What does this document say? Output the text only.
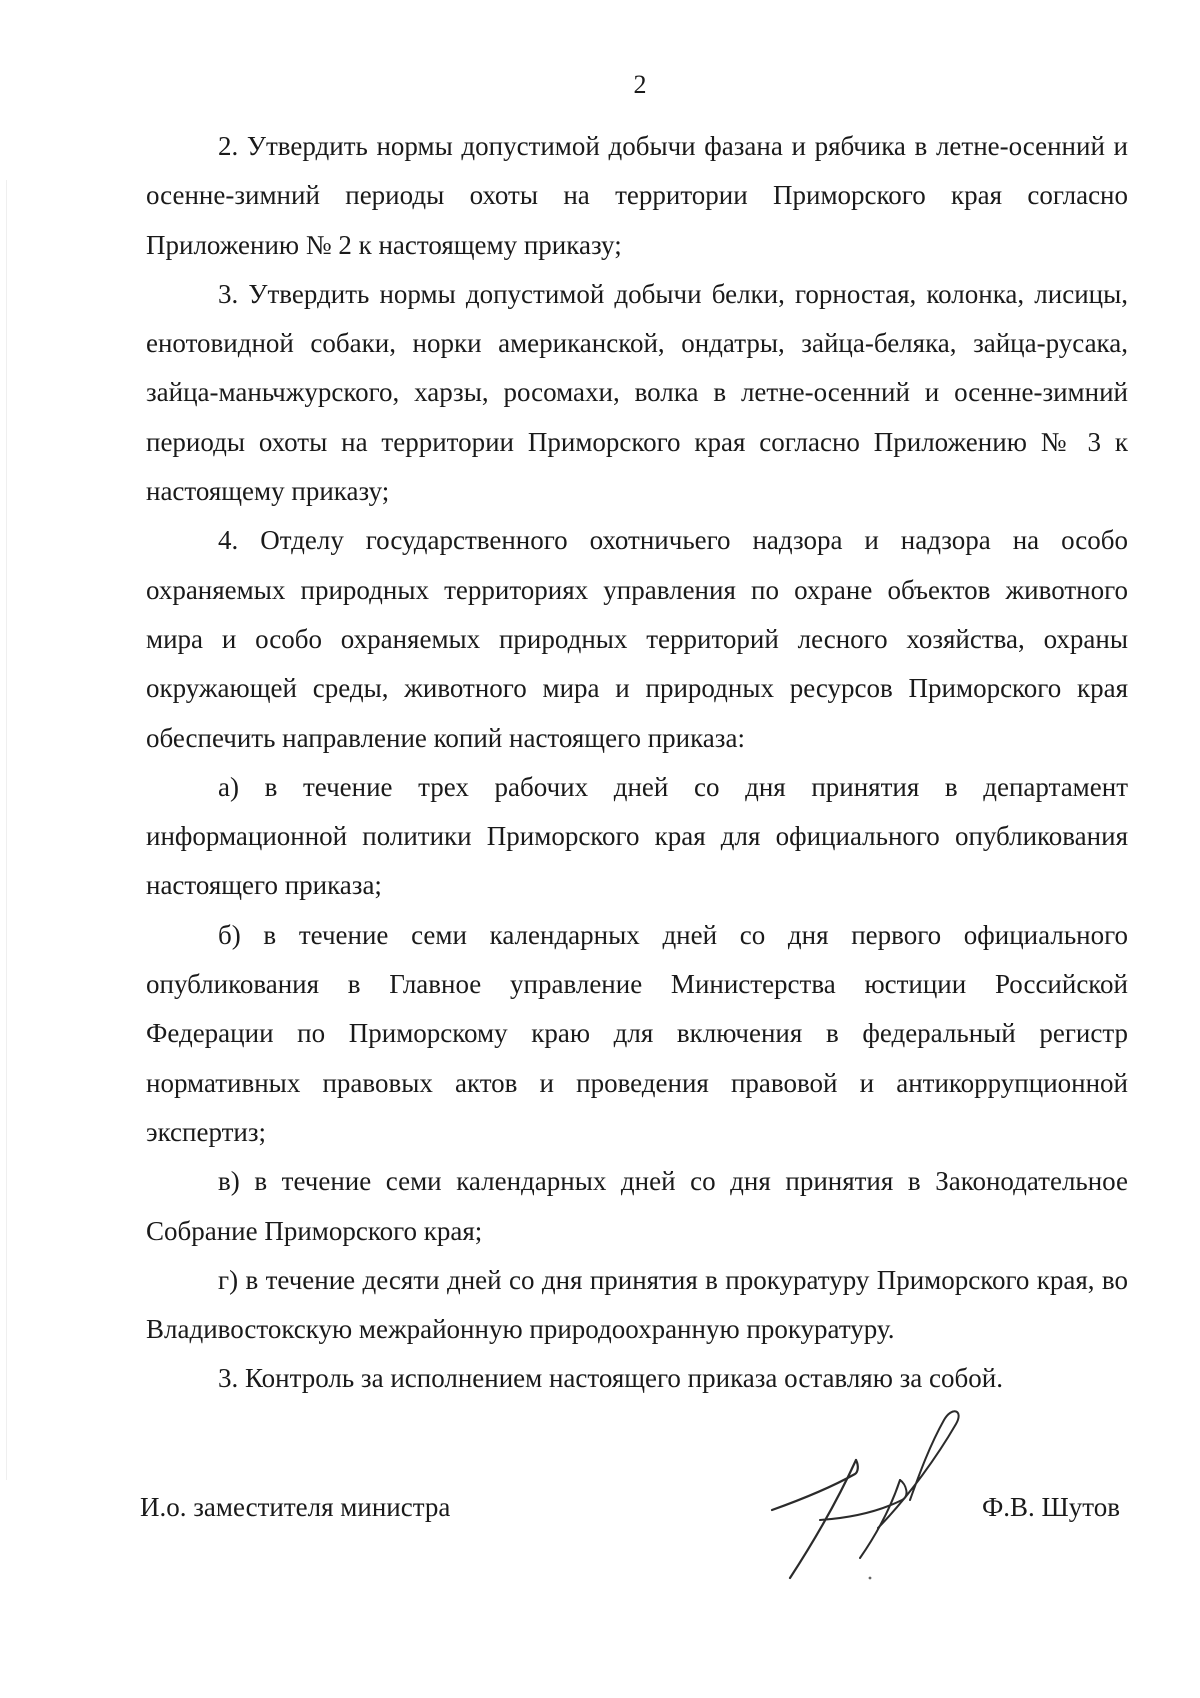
2

2. Утвердить нормы допустимой добычи фазана и рябчика в летне-осенний и осенне-зимний периоды охоты на территории Приморского края согласно Приложению № 2 к настоящему приказу;

3. Утвердить нормы допустимой добычи белки, горностая, колонка, лисицы, енотовидной собаки, норки американской, ондатры, зайца-беляка, зайца-русака, зайца-маньчжурского, харзы, росомахи, волка в летне-осенний и осенне-зимний периоды охоты на территории Приморского края согласно Приложению № 3 к настоящему приказу;

4. Отделу государственного охотничьего надзора и надзора на особо охраняемых природных территориях управления по охране объектов животного мира и особо охраняемых природных территорий лесного хозяйства, охраны окружающей среды, животного мира и природных ресурсов Приморского края обеспечить направление копий настоящего приказа:

а) в течение трех рабочих дней со дня принятия в департамент информационной политики Приморского края для официального опубликования настоящего приказа;

б) в течение семи календарных дней со дня первого официального опубликования в Главное управление Министерства юстиции Российской Федерации по Приморскому краю для включения в федеральный регистр нормативных правовых актов и проведения правовой и антикоррупционной экспертиз;

в) в течение семи календарных дней со дня принятия в Законодательное Собрание Приморского края;

г) в течение десяти дней со дня принятия в прокуратуру Приморского края, во Владивостокскую межрайонную природоохранную прокуратуру.

3. Контроль за исполнением настоящего приказа оставляю за собой.

И.о. заместителя министра	Ф.В. Шутов
